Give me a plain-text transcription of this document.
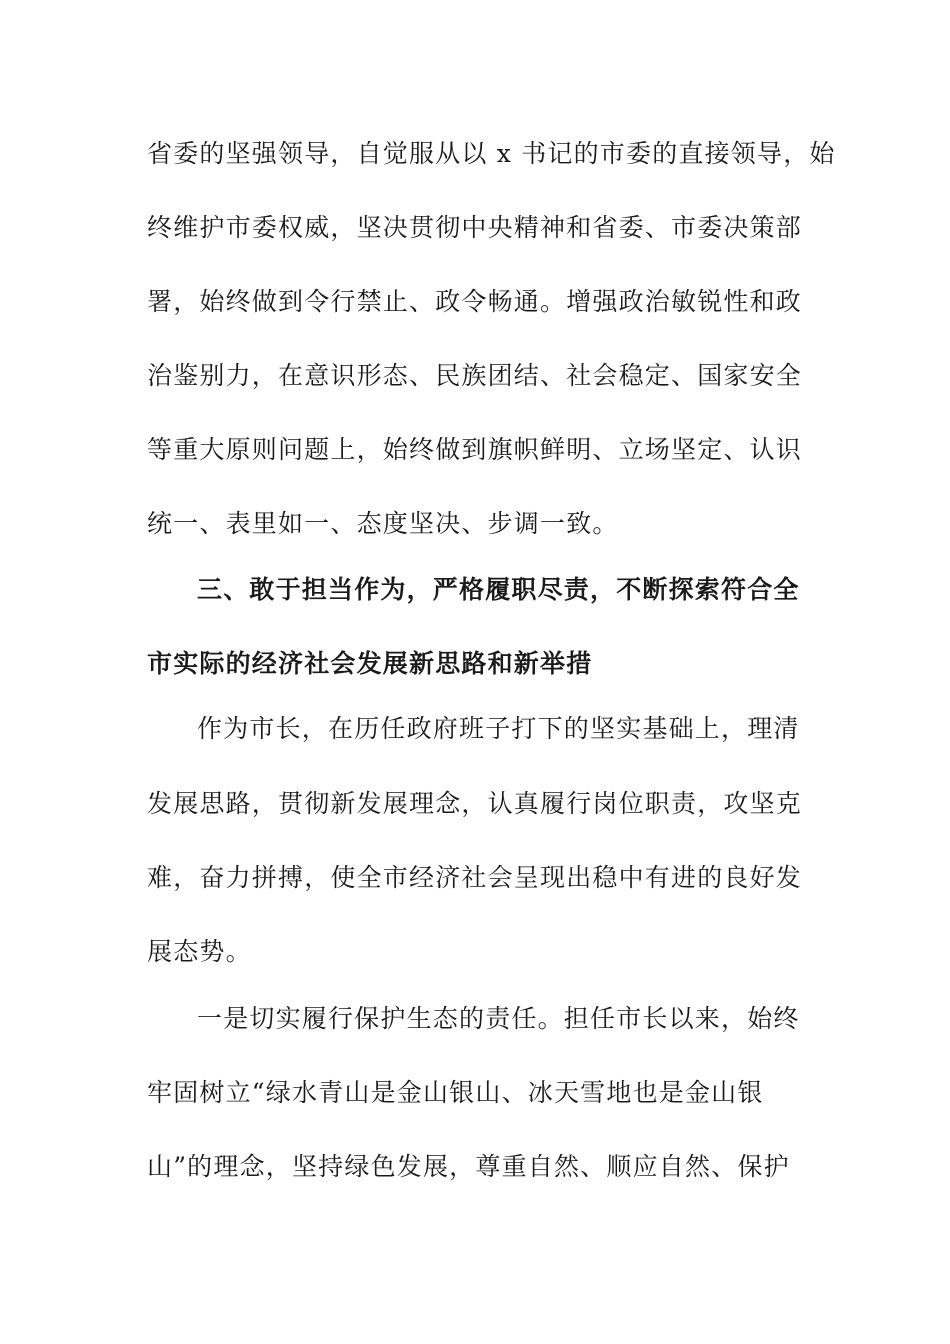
省委的坚强领导，自觉服从以 x 书记的市委的直接领导，始
终维护市委权威，坚决贯彻中央精神和省委、市委决策部
署，始终做到令行禁止、政令畅通。增强政治敏锐性和政
治鉴别力，在意识形态、民族团结、社会稳定、国家安全
等重大原则问题上，始终做到旗帜鲜明、立场坚定、认识
统一、表里如一、态度坚决、步调一致。
三、敢于担当作为，严格履职尽责，不断探索符合全
市实际的经济社会发展新思路和新举措
作为市长，在历任政府班子打下的坚实基础上，理清
发展思路，贯彻新发展理念，认真履行岗位职责，攻坚克
难，奋力拼搏，使全市经济社会呈现出稳中有进的良好发
展态势。
一是切实履行保护生态的责任。担任市长以来，始终
牢固树立“绿水青山是金山银山、冰天雪地也是金山银
山”的理念，坚持绿色发展，尊重自然、顺应自然、保护
